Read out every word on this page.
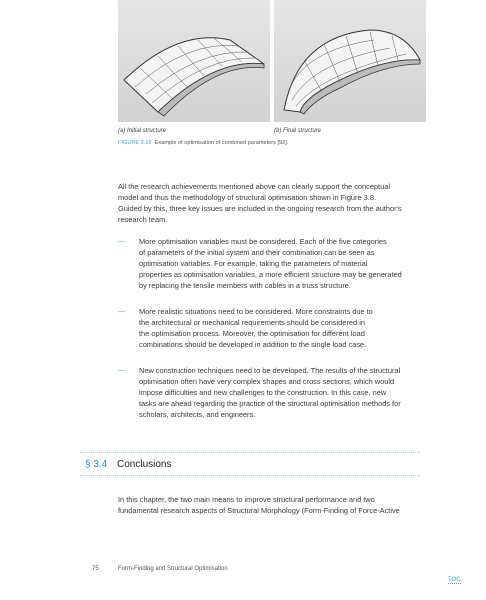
(a) Initial structure	(b) Final structure
FIGURE 3.16 Example of optimisation of combined parameters [92].
All the research achievements mentioned above can clearly support the conceptual
model and thus the methodology of structural optimisation shown in Figure 3.8.
Guided by this, three key issues are included in the ongoing research from the author's
research team.
— More optimisation variables must be considered. Each of the five categories
of parameters of the initial system and their combination can be seen as
optimisation variables. For example, taking the parameters of material
properties as optimisation variables, a more efficient structure may be generated
by replacing the tensile members with cables in a truss structure.
— More realistic situations need to be considered. More constraints due to
the architectural or mechanical requirements should be considered in
the optimisation process. Moreover, the optimisation for different load
combinations should be developed in addition to the single load case.
— New construction techniques need to be developed. The results of the structural
optimisation often have very complex shapes and cross sections, which would
impose difficulties and new challenges to the construction. In this case, new
tasks are ahead regarding the practice of the structural optimisation methods for
scholars, architects, and engineers.
§ 3.4 Conclusions
In this chapter, the two main means to improve structural performance and two
fundamental research aspects of Structural Morphology (Form-Finding of Force-Active
75	Form-Finding and Structural Optimisation
TOC
